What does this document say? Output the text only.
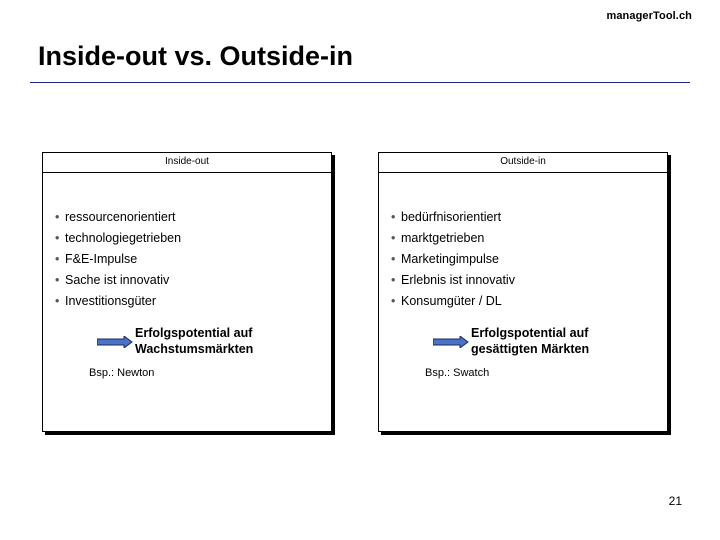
managerTool.ch
Inside-out vs. Outside-in
Inside-out
• ressourcenorientiert
• technologiegetrieben
• F&E-Impulse
• Sache ist innovativ
• Investitionsgüter
Erfolgspotential auf
Wachstumsmärkten
Bsp.: Newton
Outside-in
• bedürfnisorientiert
• marktgetrieben
• Marketingimpulse
• Erlebnis ist innovativ
• Konsumgüter / DL
Erfolgspotential auf
gesättigten Märkten
Bsp.: Swatch
21
